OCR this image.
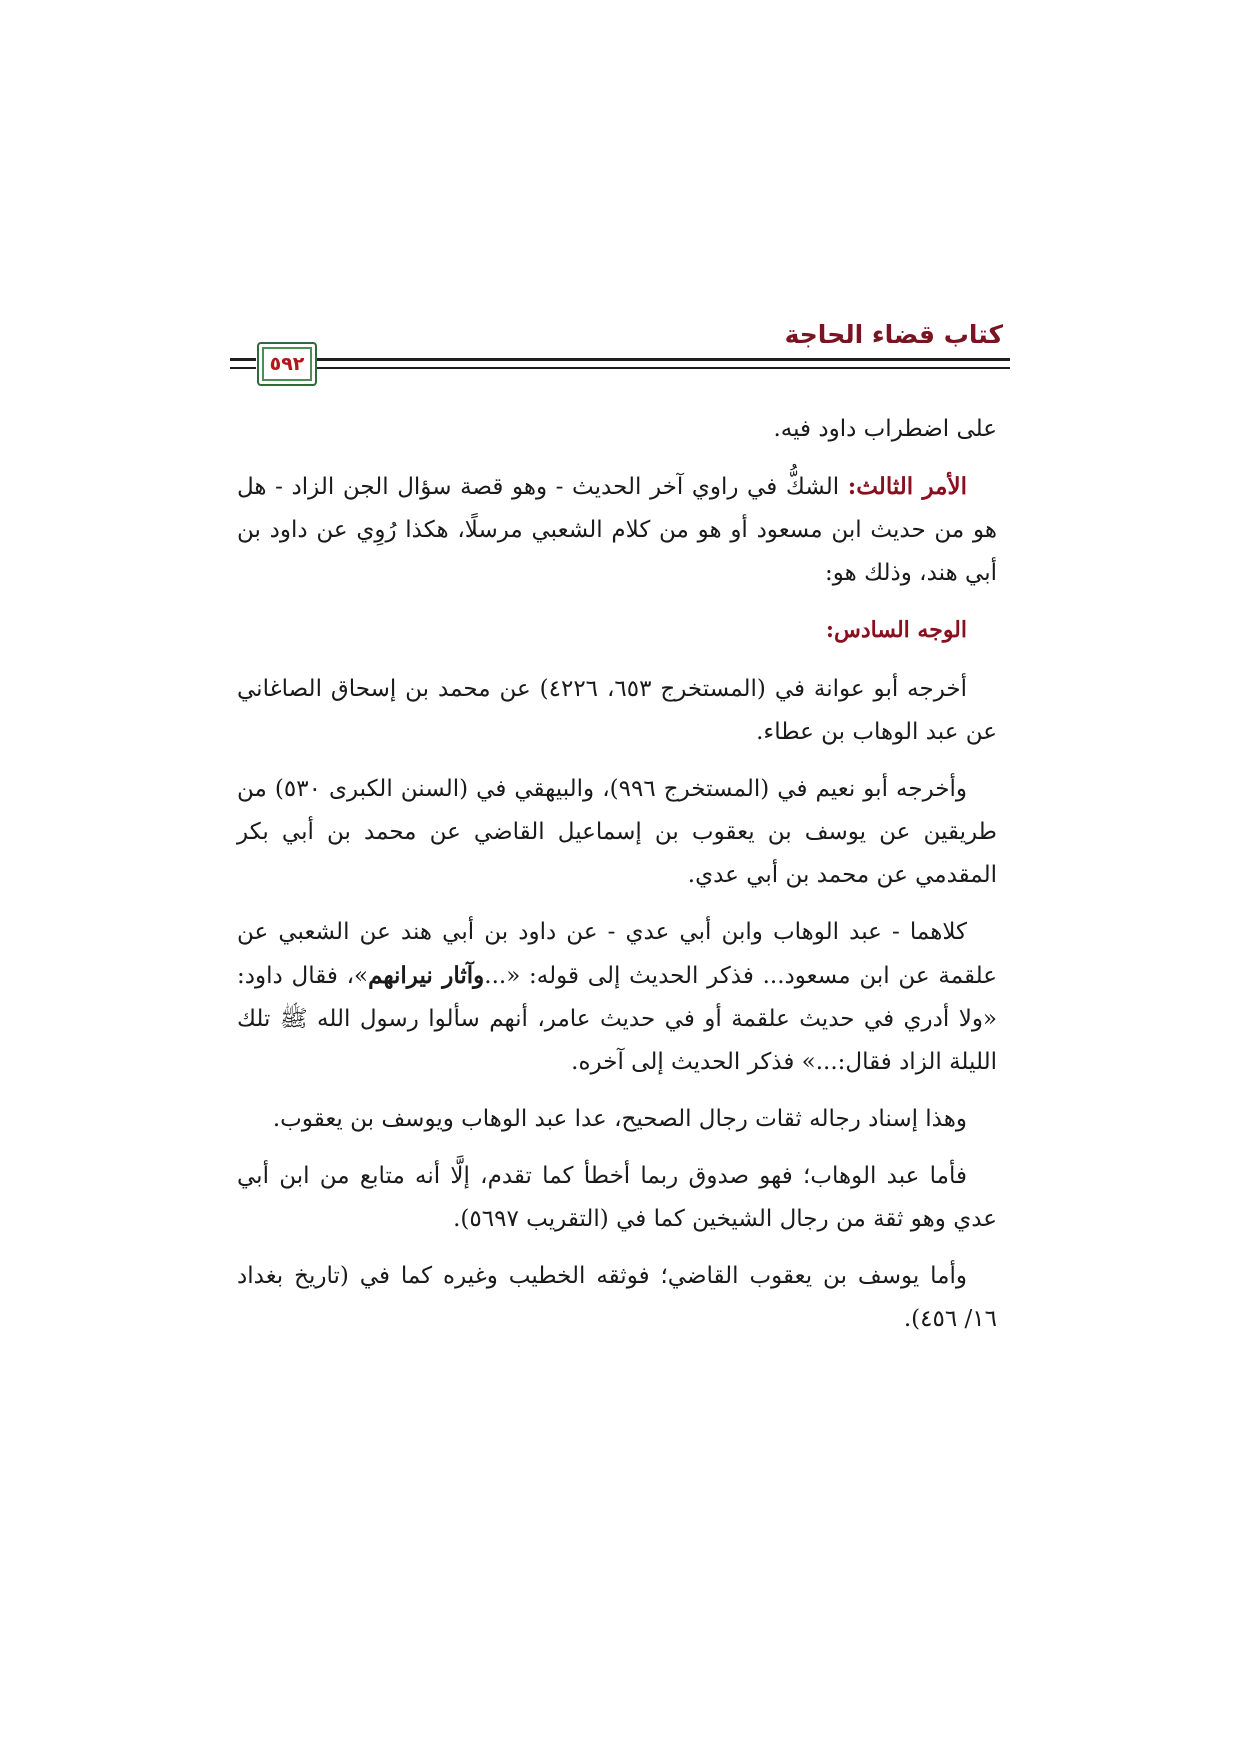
كتاب قضاء الحاجة
٥٩٢

على اضطراب داود فيه.

الأمر الثالث: الشكُّ في راوي آخر الحديث - وهو قصة سؤال الجن الزاد - هل هو من حديث ابن مسعود أو هو من كلام الشعبي مرسلًا، هكذا رُوِي عن داود بن أبي هند، وذلك هو:

الوجه السادس:

أخرجه أبو عوانة في (المستخرج ٦٥٣، ٤٢٢٦) عن محمد بن إسحاق الصاغاني عن عبد الوهاب بن عطاء.

وأخرجه أبو نعيم في (المستخرج ٩٩٦)، والبيهقي في (السنن الكبرى ٥٣٠) من طريقين عن يوسف بن يعقوب بن إسماعيل القاضي عن محمد بن أبي بكر المقدمي عن محمد بن أبي عدي.

كلاهما - عبد الوهاب وابن أبي عدي - عن داود بن أبي هند عن الشعبي عن علقمة عن ابن مسعود... فذكر الحديث إلى قوله: «...وآثار نيرانهم»، فقال داود: «ولا أدري في حديث علقمة أو في حديث عامر، أنهم سألوا رسول الله ﷺ تلك الليلة الزاد فقال:...» فذكر الحديث إلى آخره.

وهذا إسناد رجاله ثقات رجال الصحيح، عدا عبد الوهاب ويوسف بن يعقوب.

فأما عبد الوهاب؛ فهو صدوق ربما أخطأ كما تقدم، إلَّا أنه متابع من ابن أبي عدي وهو ثقة من رجال الشيخين كما في (التقريب ٥٦٩٧).

وأما يوسف بن يعقوب القاضي؛ فوثقه الخطيب وغيره كما في (تاريخ بغداد ١٦/ ٤٥٦).
